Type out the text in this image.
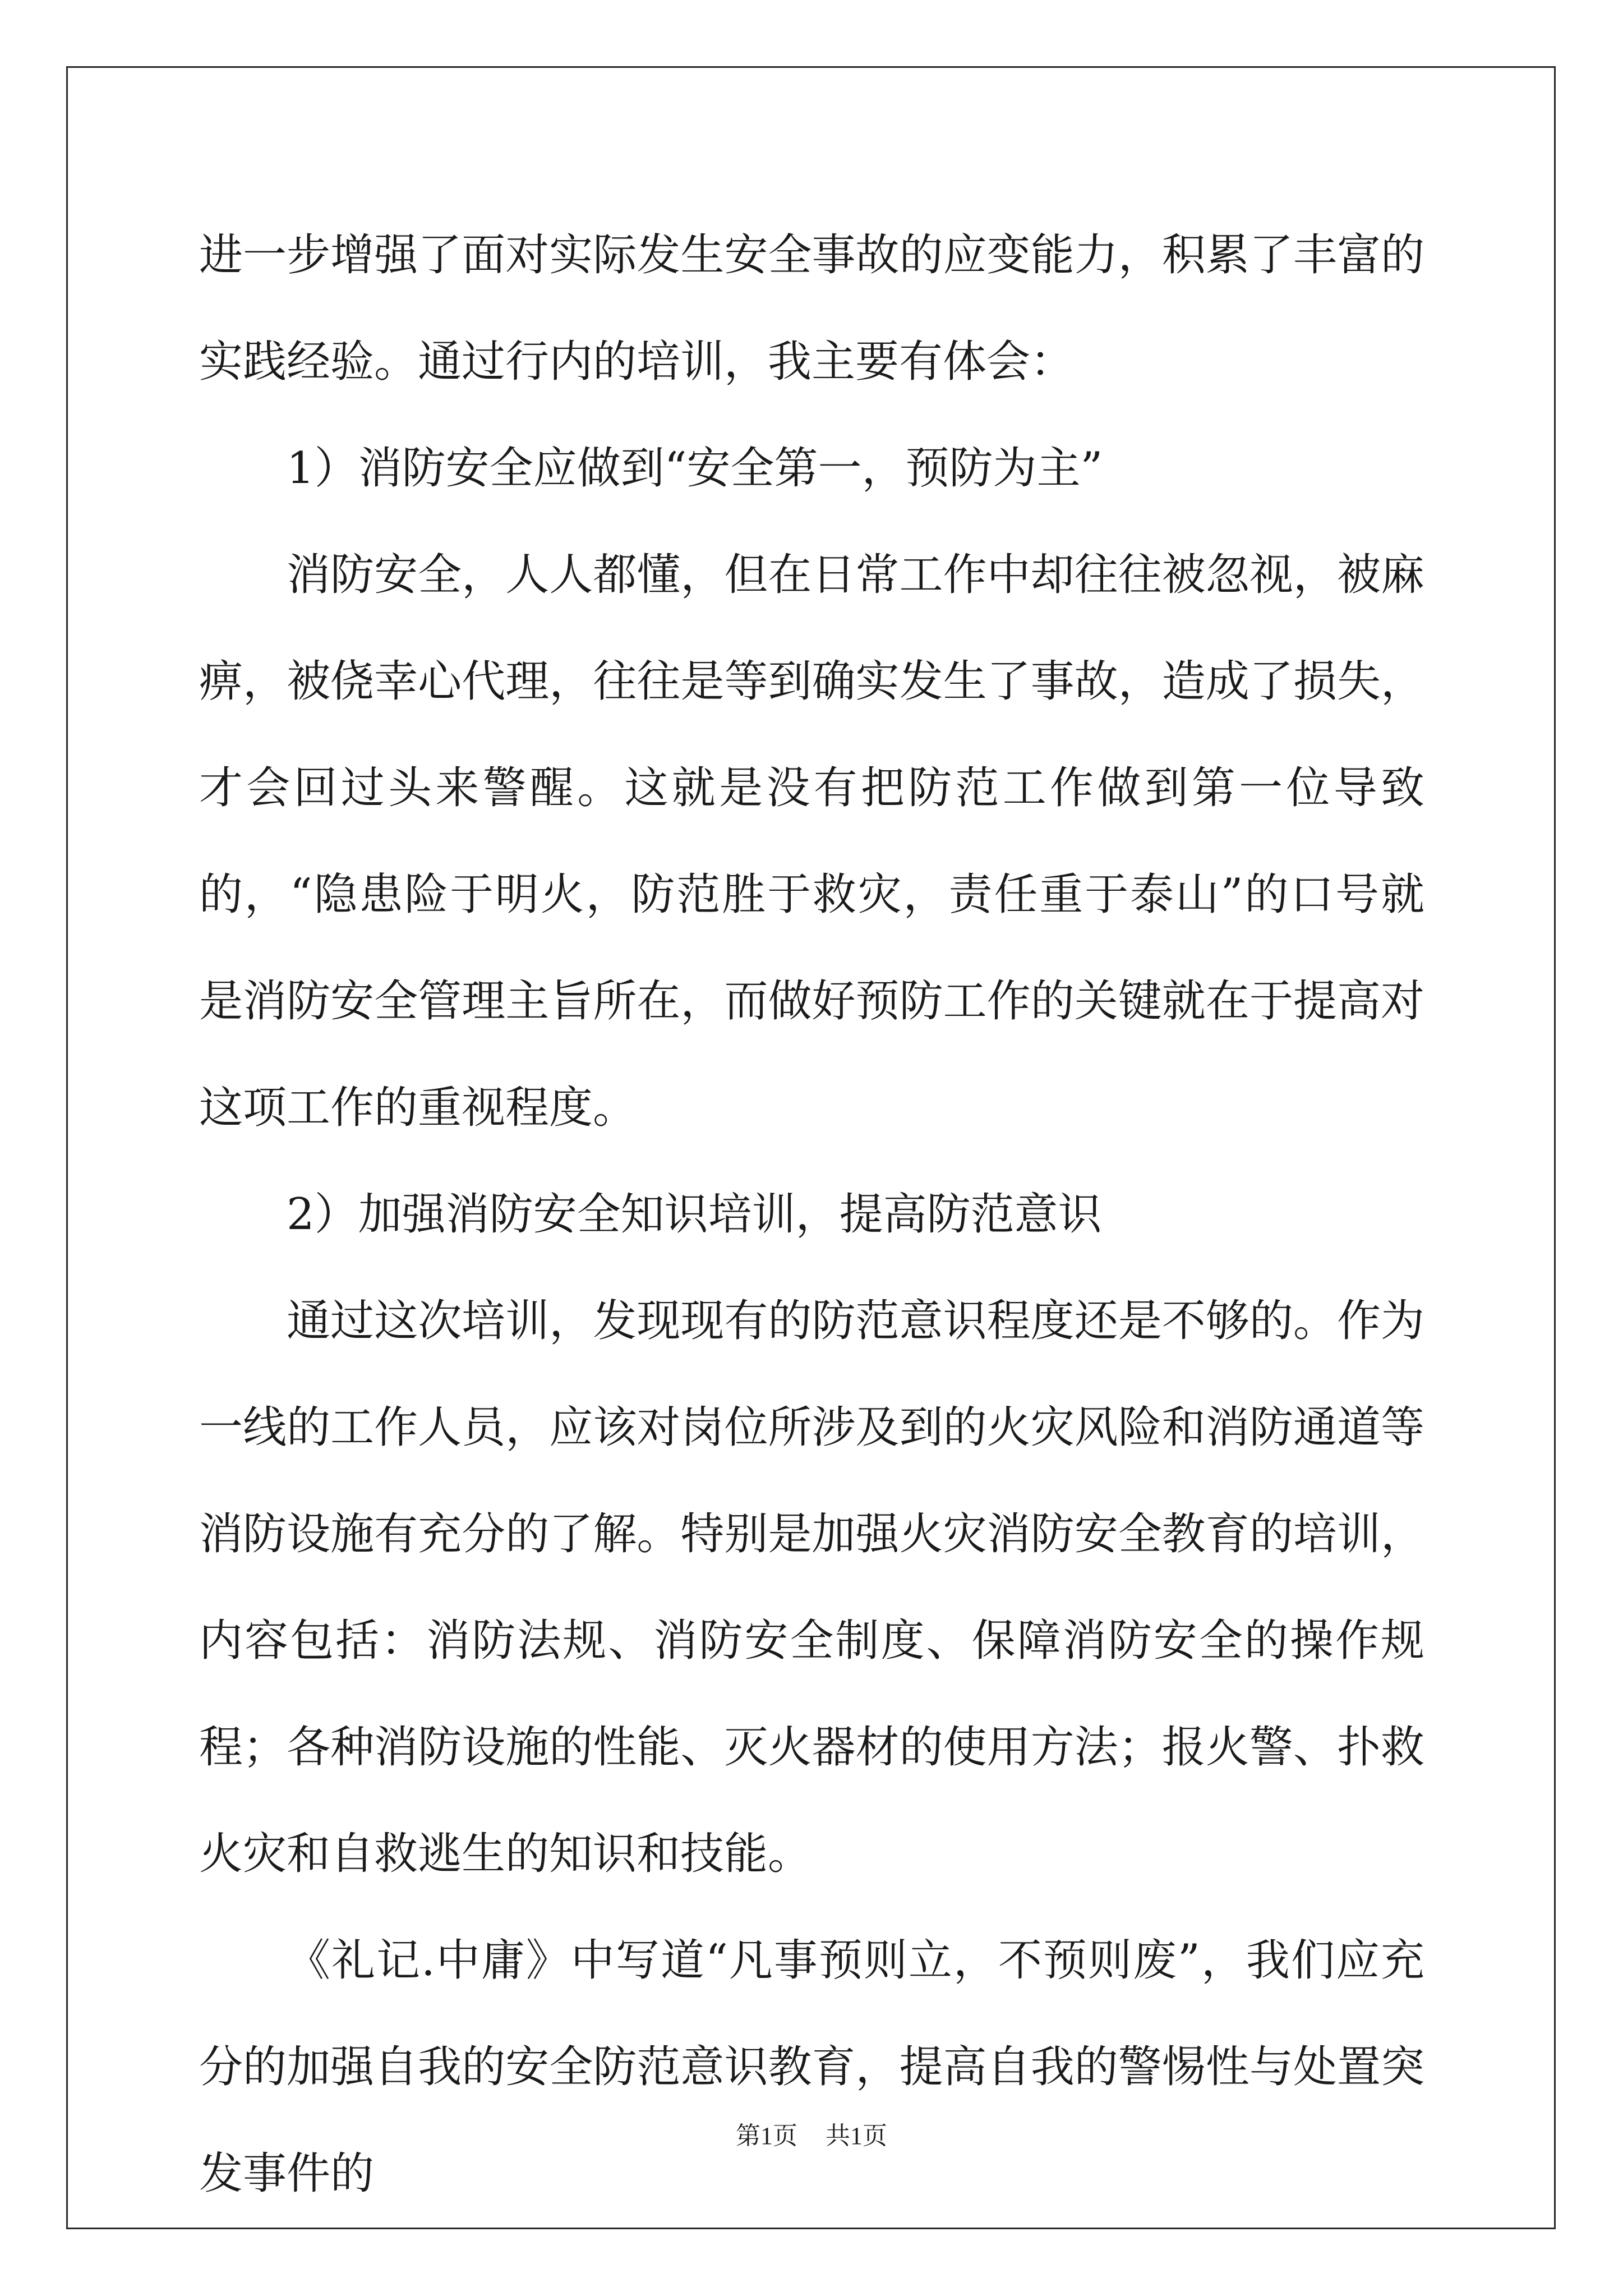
进一步增强了面对实际发生安全事故的应变能力，积累了丰富的实践经验。通过行内的培训，我主要有体会：

1）消防安全应做到“安全第一，预防为主”

消防安全，人人都懂，但在日常工作中却往往被忽视，被麻痹，被侥幸心代理，往往是等到确实发生了事故，造成了损失，才会回过头来警醒。这就是没有把防范工作做到第一位导致的，“隐患险于明火，防范胜于救灾，责任重于泰山”的口号就是消防安全管理主旨所在，而做好预防工作的关键就在于提高对这项工作的重视程度。

2）加强消防安全知识培训，提高防范意识

通过这次培训，发现现有的防范意识程度还是不够的。作为一线的工作人员，应该对岗位所涉及到的火灾风险和消防通道等消防设施有充分的了解。特别是加强火灾消防安全教育的培训，内容包括：消防法规、消防安全制度、保障消防安全的操作规程；各种消防设施的性能、灭火器材的使用方法；报火警、扑救火灾和自救逃生的知识和技能。

《礼记.中庸》中写道“凡事预则立，不预则废”，我们应充分的加强自我的安全防范意识教育，提高自我的警惕性与处置突发事件的

第1页 共1页
